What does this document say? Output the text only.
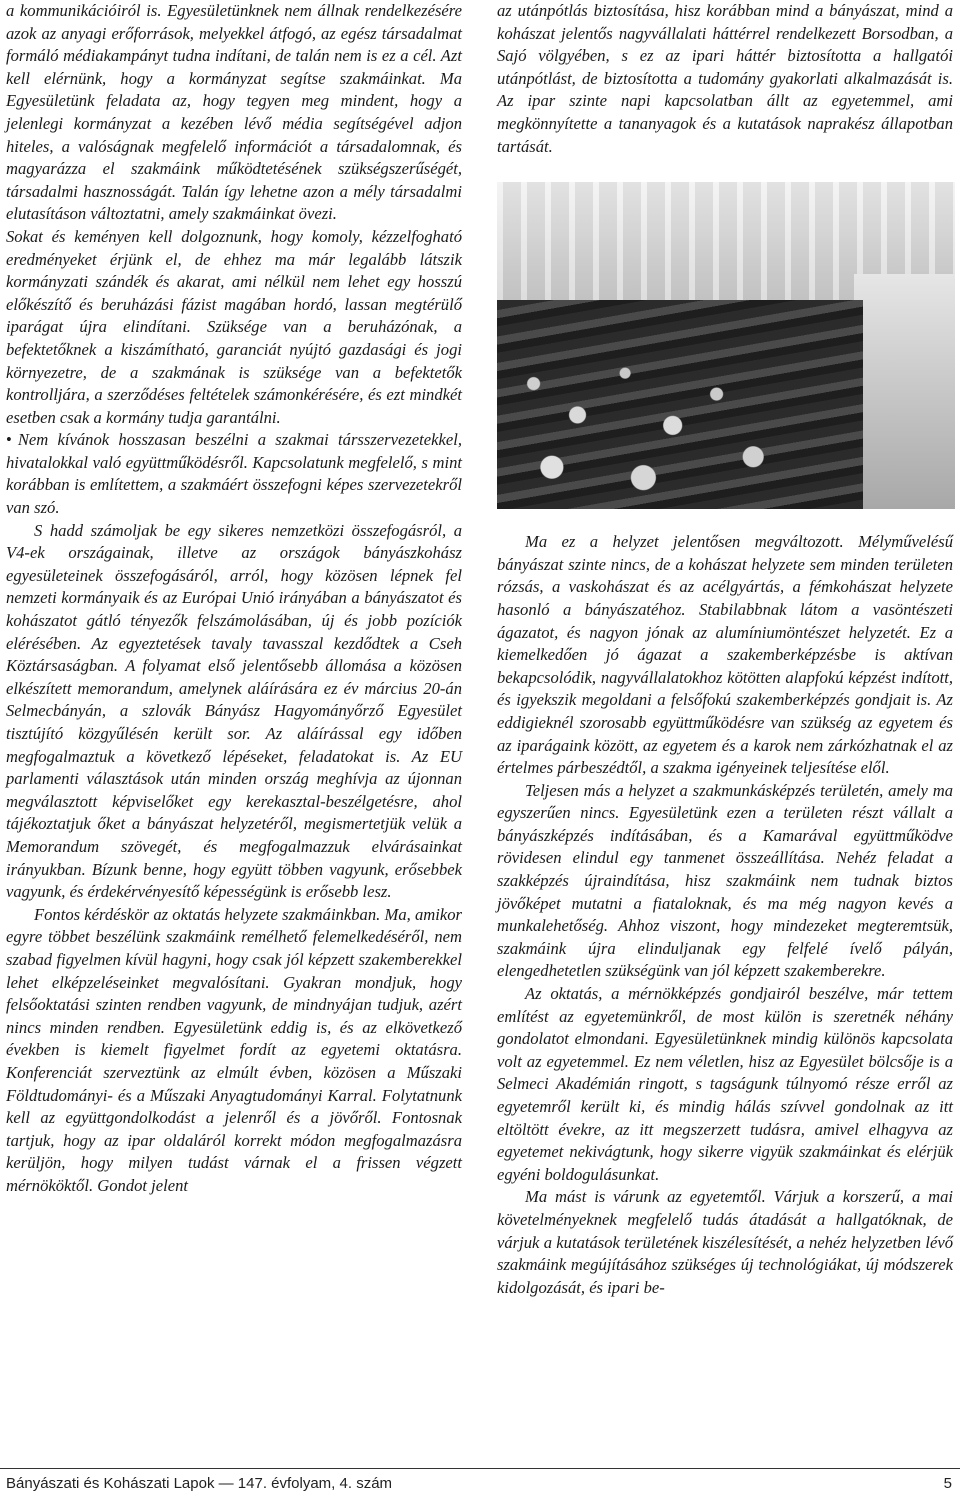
a kommunikációiról is. Egyesületünknek nem állnak rendelkezésére azok az anyagi erőforrások, melyekkel átfogó, az egész társadalmat formáló médiakampányt tudna indítani, de talán nem is ez a cél. Azt kell elérnünk, hogy a kormányzat segítse szakmáinkat. Ma Egyesületünk feladata az, hogy tegyen meg mindent, hogy a jelenlegi kormányzat a kezében lévő média segítségével adjon hiteles, a valóságnak megfelelő információt a társadalomnak, és magyarázza el szakmáink működtetésének szükségszerűségét, társadalmi hasznosságát. Talán így lehetne azon a mély társadalmi elutasításon változtatni, amely szakmáinkat övezi.

Sokat és keményen kell dolgoznunk, hogy komoly, kézzelfogható eredményeket érjünk el, de ehhez ma már legalább látszik kormányzati szándék és akarat, ami nélkül nem lehet egy hosszú előkészítő és beruházási fázist magában hordó, lassan megtérülő iparágat újra elindítani. Szüksége van a beruházónak, a befektetőknek a kiszámítható, garanciát nyújtó gazdasági és jogi környezetre, de a szakmának is szüksége van a befektetők kontrolljára, a szerződéses feltételek számonkérésére, és ezt mindkét esetben csak a kormány tudja garantálni.

• Nem kívánok hosszasan beszélni a szakmai társszervezetekkel, hivatalokkal való együttműködésről. Kapcsolatunk megfelelő, s mint korábban is említettem, a szakmáért összefogni képes szervezetekről van szó.

S hadd számoljak be egy sikeres nemzetközi összefogásról, a V4-ek országainak, illetve az országok bányászkohász egyesületeinek összefogásáról, arról, hogy közösen lépnek fel nemzeti kormányaik és az Európai Unió irányában a bányászatot és kohászatot gátló tényezők felszámolásában, új és jobb pozíciók elérésében. Az egyeztetések tavaly tavasszal kezdődtek a Cseh Köztársaságban. A folyamat első jelentősebb állomása a közösen elkészített memorandum, amelynek aláírására ez év március 20-án Selmecbányán, a szlovák Bányász Hagyományőrző Egyesület tisztújító közgyűlésén került sor. Az aláírással egy időben megfogalmaztuk a következő lépéseket, feladatokat is. Az EU parlamenti választások után minden ország meghívja az újonnan megválasztott képviselőket egy kerekasztal-beszélgetésre, ahol tájékoztatjuk őket a bányászat helyzetéről, megismertetjük velük a Memorandum szövegét, és megfogalmazzuk elvárásainkat irányukban. Bízunk benne, hogy együtt többen vagyunk, erősebbek vagyunk, és érdekérvényesítő képességünk is erősebb lesz.

Fontos kérdéskör az oktatás helyzete szakmáinkban. Ma, amikor egyre többet beszélünk szakmáink remélhető felemelkedéséről, nem szabad figyelmen kívül hagyni, hogy csak jól képzett szakemberekkel lehet elképzeléseinket megvalósítani. Gyakran mondjuk, hogy felsőoktatási szinten rendben vagyunk, de mindnyájan tudjuk, azért nincs minden rendben. Egyesületünk eddig is, és az elkövetkező években is kiemelt figyelmet fordít az egyetemi oktatásra. Konferenciát szerveztünk az elmúlt évben, közösen a Műszaki Földtudományi- és a Műszaki Anyagtudományi Karral. Folytatnunk kell az együttgondolkodást a jelenről és a jövőről. Fontosnak tartjuk, hogy az ipar oldaláról korrekt módon megfogalmazásra kerüljön, hogy milyen tudást várnak el a frissen végzett mérnököktől. Gondot jelent

az utánpótlás biztosítása, hisz korábban mind a bányászat, mind a kohászat jelentős nagyvállalati háttérrel rendelkezett Borsodban, a Sajó völgyében, s ez az ipari háttér biztosította a hallgatói utánpótlást, de biztosította a tudomány gyakorlati alkalmazását is. Az ipar szinte napi kapcsolatban állt az egyetemmel, ami megkönnyítette a tananyagok és a kutatások naprakész állapotban tartását.

Ma ez a helyzet jelentősen megváltozott. Mélyművelésű bányászat szinte nincs, de a kohászat helyzete sem minden területen rózsás, a vaskohászat és az acélgyártás, a fémkohászat helyzete hasonló a bányászatéhoz. Stabilabbnak látom a vasöntészeti ágazatot, és nagyon jónak az alumíniumöntészet helyzetét. Ez a kiemelkedően jó ágazat a szakemberképzésbe is aktívan bekapcsolódik, nagyvállalatokhoz kötötten alapfokú képzést indított, és igyekszik megoldani a felsőfokú szakemberképzés gondjait is. Az eddigieknél szorosabb együttműködésre van szükség az egyetem és az iparágaink között, az egyetem és a karok nem zárkózhatnak el az értelmes párbeszédtől, a szakma igényeinek teljesítése elől.

Teljesen más a helyzet a szakmunkásképzés területén, amely ma egyszerűen nincs. Egyesületünk ezen a területen részt vállalt a bányászképzés indításában, és a Kamarával együttműködve rövidesen elindul egy tanmenet összeállítása. Nehéz feladat a szakképzés újraindítása, hisz szakmáink nem tudnak biztos jövőképet mutatni a fiataloknak, és ma még nagyon kevés a munkalehetőség. Ahhoz viszont, hogy mindezeket megteremtsük, szakmáink újra elinduljanak egy felfelé ívelő pályán, elengedhetetlen szükségünk van jól képzett szakemberekre.

Az oktatás, a mérnökképzés gondjairól beszélve, már tettem említést az egyetemünkről, de most külön is szeretnék néhány gondolatot elmondani. Egyesületünknek mindig különös kapcsolata volt az egyetemmel. Ez nem véletlen, hisz az Egyesület bölcsője is a Selmeci Akadémián ringott, s tagságunk túlnyomó része erről az egyetemről került ki, és mindig hálás szívvel gondolnak az itt eltöltött évekre, az itt megszerzett tudásra, amivel elhagyva az egyetemet nekivágtunk, hogy sikerre vigyük szakmáinkat és elérjük egyéni boldogulásunkat.

Ma mást is várunk az egyetemtől. Várjuk a korszerű, a mai követelményeknek megfelelő tudás átadását a hallgatóknak, de várjuk a kutatások területének kiszélesítését, a nehéz helyzetben lévő szakmáink megújításához szükséges új technológiákat, új módszerek kidolgozását, és ipari be-

Bányászati és Kohászati Lapok — 147. évfolyam, 4. szám	5
